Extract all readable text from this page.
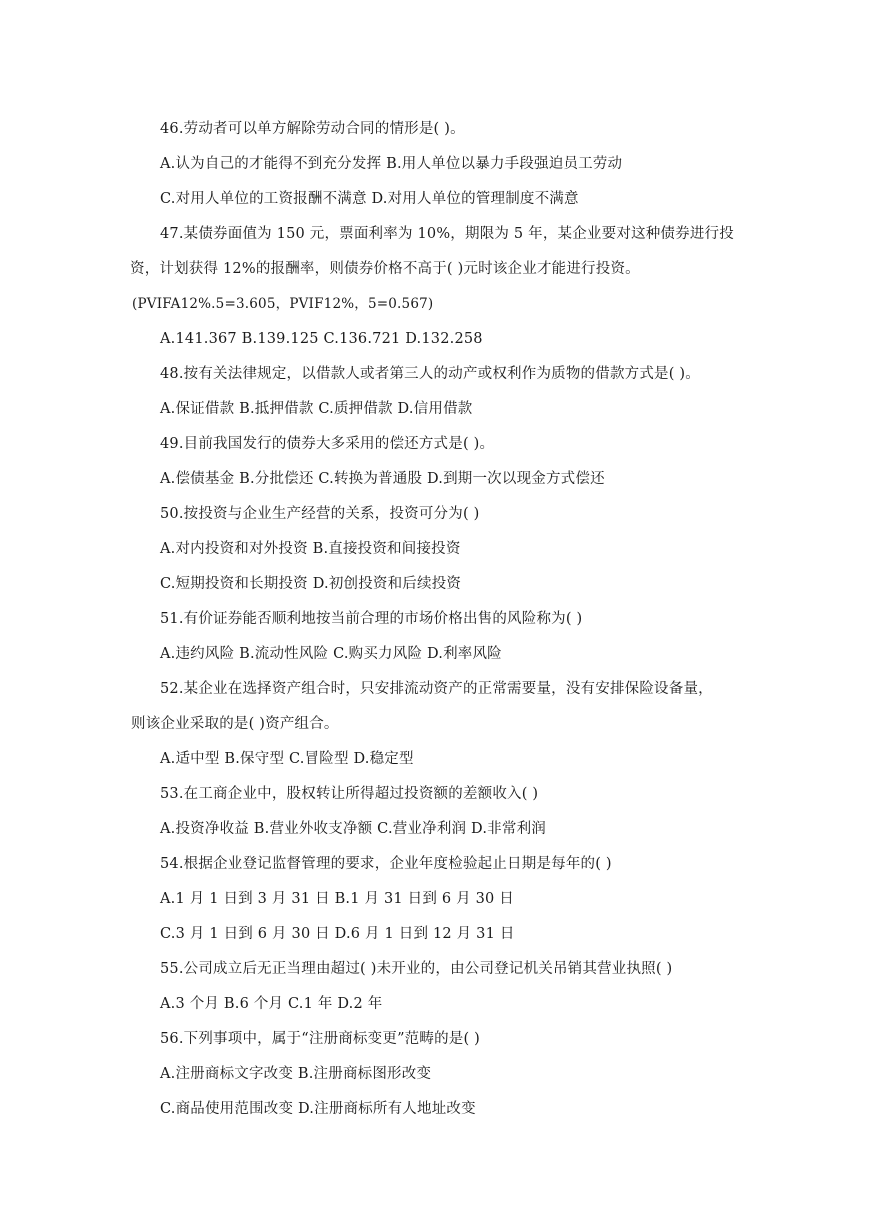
46.劳动者可以单方解除劳动合同的情形是( )。
A.认为自己的才能得不到充分发挥 B.用人单位以暴力手段强迫员工劳动
C.对用人单位的工资报酬不满意 D.对用人单位的管理制度不满意
47.某债券面值为 150 元，票面利率为 10%，期限为 5 年，某企业要对这种债券进行投
资，计划获得 12%的报酬率，则债券价格不高于( )元时该企业才能进行投资。
(PVIFA12%.5=3.605，PVIF12%，5=0.567)
A.141.367 B.139.125 C.136.721 D.132.258
48.按有关法律规定，以借款人或者第三人的动产或权利作为质物的借款方式是( )。
A.保证借款 B.抵押借款 C.质押借款 D.信用借款
49.目前我国发行的债券大多采用的偿还方式是( )。
A.偿债基金 B.分批偿还 C.转换为普通股 D.到期一次以现金方式偿还
50.按投资与企业生产经营的关系，投资可分为( )
A.对内投资和对外投资 B.直接投资和间接投资
C.短期投资和长期投资 D.初创投资和后续投资
51.有价证券能否顺利地按当前合理的市场价格出售的风险称为( )
A.违约风险 B.流动性风险 C.购买力风险 D.利率风险
52.某企业在选择资产组合时，只安排流动资产的正常需要量，没有安排保险设备量，
则该企业采取的是( )资产组合。
A.适中型 B.保守型 C.冒险型 D.稳定型
53.在工商企业中，股权转让所得超过投资额的差额收入( )
A.投资净收益 B.营业外收支净额 C.营业净利润 D.非常利润
54.根据企业登记监督管理的要求，企业年度检验起止日期是每年的( )
A.1 月 1 日到 3 月 31 日 B.1 月 31 日到 6 月 30 日
C.3 月 1 日到 6 月 30 日 D.6 月 1 日到 12 月 31 日
55.公司成立后无正当理由超过( )未开业的，由公司登记机关吊销其营业执照( )
A.3 个月 B.6 个月 C.1 年 D.2 年
56.下列事项中，属于“注册商标变更”范畴的是( )
A.注册商标文字改变 B.注册商标图形改变
C.商品使用范围改变 D.注册商标所有人地址改变
